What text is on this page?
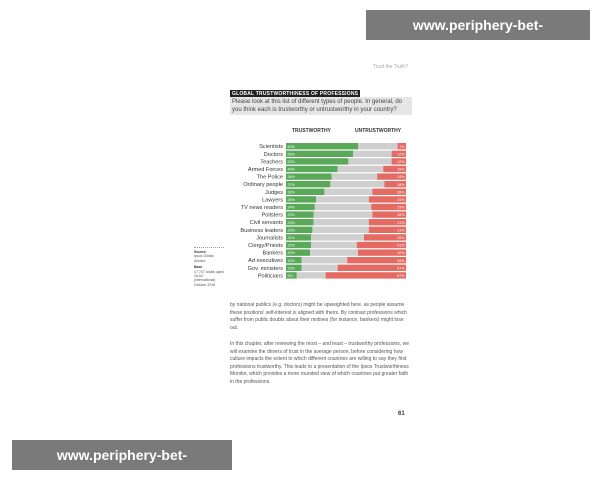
www.periphery-bet-worldcup.com
Trust the Truth?
GLOBAL TRUSTWORTHINESS OF PROFESSIONS
Please look at this list of different types of people. In general, do you think each is trustworthy or untrustworthy in your country?
TRUSTWORTHY	UNTRUSTWORTHY
Scientists 60%	7%
Doctors 56%	12%
Teachers 52%	12%
Armed Forces 43%	19%
The Police 38%	24%
Ordinary people 37%	18%
Judges 32%	28%
Lawyers 25%	31%
TV news readers 24%	29%
Pollsters 23%	28%
Civil servants 23%	31%
Business leaders 22%	31%
Journalists 21%	35%
Clergy/Priests 21%	41%
Bankers 20%	40%
Ad executives 13%	49%
Gov. ministers 13%	57%
Politicians 9%	67%
Source
Ipsos Global Advisor
Base
17,747 adults aged 16-64 (international) October 2018
by national publics (e.g. doctors) might be upweighted here, as people assume these positions' self-interest is aligned with theirs. By contrast professions which suffer from public doubts about their motives (for instance, bankers) might lose out.
In this chapter, after reviewing the most – and least – trustworthy professions, we will examine the drivers of trust in the average person, before considering how culture impacts the extent to which different countries are willing to say they find professions trustworthy. This leads to a presentation of the Ipsos Trustworthiness Monitor, which provides a more rounded view of which countries put greater faith in the professions.
61
www.periphery-bet-worldcup.com
